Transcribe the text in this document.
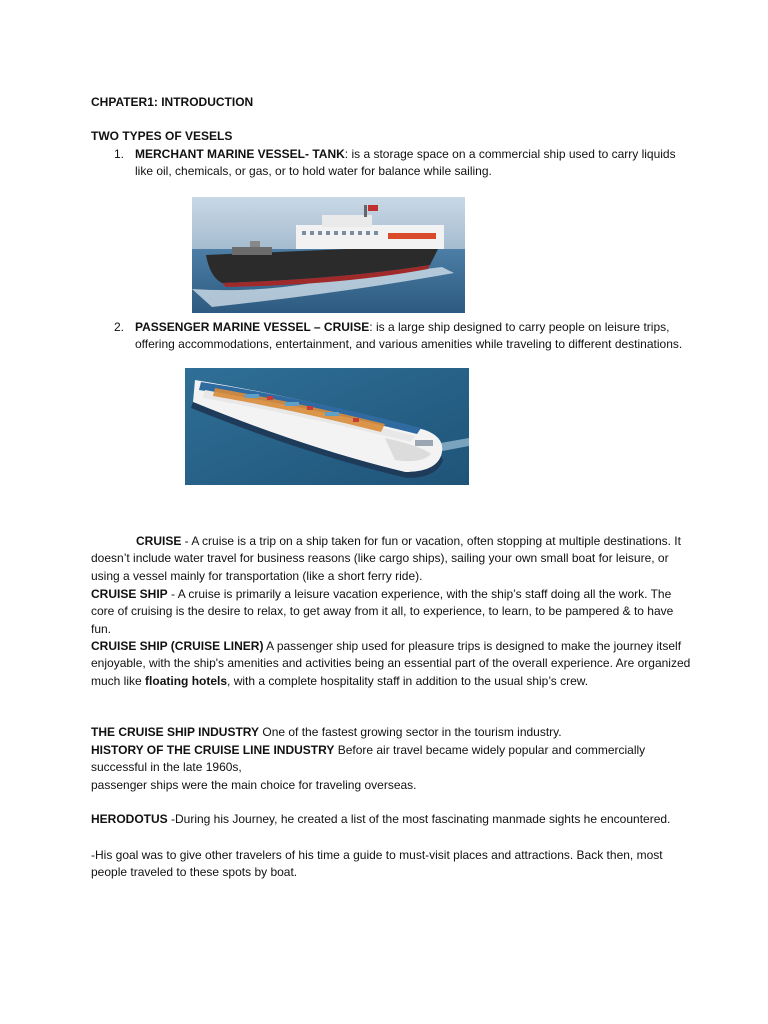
CHPATER1: INTRODUCTION

TWO TYPES OF VESELS

1. MERCHANT MARINE VESSEL- TANK: is a storage space on a commercial ship used to carry liquids like oil, chemicals, or gas, or to hold water for balance while sailing.
2. PASSENGER MARINE VESSEL – CRUISE: is a large ship designed to carry people on leisure trips, offering accommodations, entertainment, and various amenities while traveling to different destinations.

CRUISE - A cruise is a trip on a ship taken for fun or vacation, often stopping at multiple destinations. It doesn’t include water travel for business reasons (like cargo ships), sailing your own small boat for leisure, or using a vessel mainly for transportation (like a short ferry ride).

CRUISE SHIP - A cruise is primarily a leisure vacation experience, with the ship’s staff doing all the work. The core of cruising is the desire to relax, to get away from it all, to experience, to learn, to be pampered & to have fun.

CRUISE SHIP (CRUISE LINER) A passenger ship used for pleasure trips is designed to make the journey itself enjoyable, with the ship's amenities and activities being an essential part of the overall experience. Are organized much like floating hotels, with a complete hospitality staff in addition to the usual ship’s crew.

THE CRUISE SHIP INDUSTRY One of the fastest growing sector in the tourism industry.

HISTORY OF THE CRUISE LINE INDUSTRY Before air travel became widely popular and commercially successful in the late 1960s,

passenger ships were the main choice for traveling overseas.

HERODOTUS -During his Journey, he created a list of the most fascinating manmade sights he encountered.

-His goal was to give other travelers of his time a guide to must-visit places and attractions. Back then, most people traveled to these spots by boat.
